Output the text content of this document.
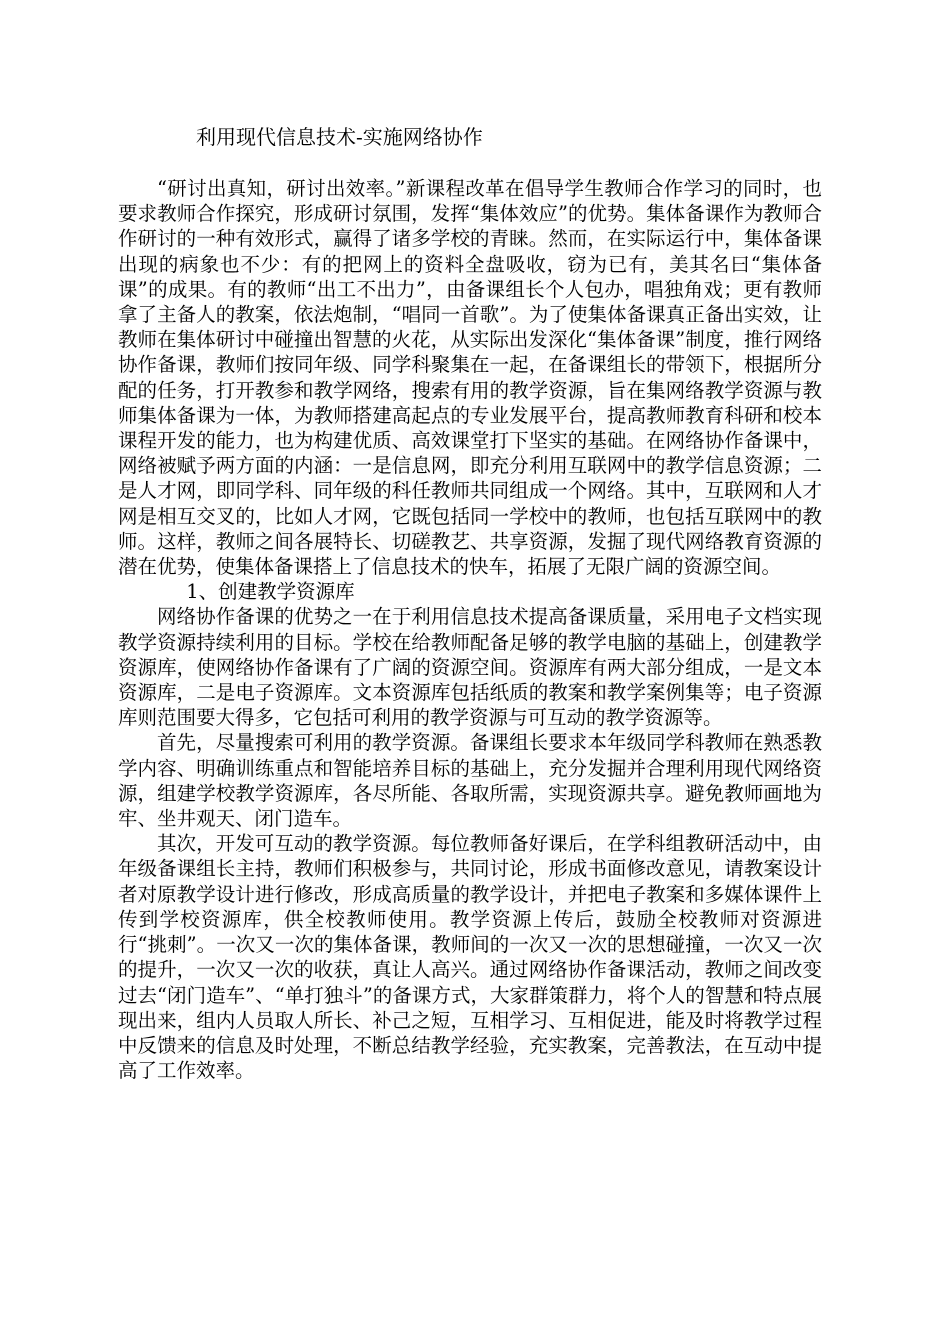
利用现代信息技术-实施网络协作

“研讨出真知，研讨出效率。”新课程改革在倡导学生教师合作学习的同时，也要求教师合作探究，形成研讨氛围，发挥“集体效应”的优势。集体备课作为教师合作研讨的一种有效形式，赢得了诸多学校的青睐。然而，在实际运行中，集体备课出现的病象也不少：有的把网上的资料全盘吸收，窃为已有，美其名曰“集体备课”的成果。有的教师“出工不出力”，由备课组长个人包办，唱独角戏；更有教师拿了主备人的教案，依法炮制，“唱同一首歌”。为了使集体备课真正备出实效，让教师在集体研讨中碰撞出智慧的火花，从实际出发深化“集体备课”制度，推行网络协作备课，教师们按同年级、同学科聚集在一起，在备课组长的带领下，根据所分配的任务，打开教参和教学网络，搜索有用的教学资源，旨在集网络教学资源与教师集体备课为一体，为教师搭建高起点的专业发展平台，提高教师教育科研和校本课程开发的能力，也为构建优质、高效课堂打下坚实的基础。在网络协作备课中，网络被赋予两方面的内涵：一是信息网，即充分利用互联网中的教学信息资源；二是人才网，即同学科、同年级的科任教师共同组成一个网络。其中，互联网和人才网是相互交叉的，比如人才网，它既包括同一学校中的教师，也包括互联网中的教师。这样，教师之间各展特长、切磋教艺、共享资源，发掘了现代网络教育资源的潜在优势，使集体备课搭上了信息技术的快车，拓展了无限广阔的资源空间。

1、创建教学资源库

网络协作备课的优势之一在于利用信息技术提高备课质量，采用电子文档实现教学资源持续利用的目标。学校在给教师配备足够的教学电脑的基础上，创建教学资源库，使网络协作备课有了广阔的资源空间。资源库有两大部分组成，一是文本资源库，二是电子资源库。文本资源库包括纸质的教案和教学案例集等；电子资源库则范围要大得多，它包括可利用的教学资源与可互动的教学资源等。

首先，尽量搜索可利用的教学资源。备课组长要求本年级同学科教师在熟悉教学内容、明确训练重点和智能培养目标的基础上，充分发掘并合理利用现代网络资源，组建学校教学资源库，各尽所能、各取所需，实现资源共享。避免教师画地为牢、坐井观天、闭门造车。

其次，开发可互动的教学资源。每位教师备好课后，在学科组教研活动中，由年级备课组长主持，教师们积极参与，共同讨论，形成书面修改意见，请教案设计者对原教学设计进行修改，形成高质量的教学设计，并把电子教案和多媒体课件上传到学校资源库，供全校教师使用。教学资源上传后，鼓励全校教师对资源进行“挑刺”。一次又一次的集体备课，教师间的一次又一次的思想碰撞，一次又一次的提升，一次又一次的收获，真让人高兴。通过网络协作备课活动，教师之间改变过去“闭门造车”、“单打独斗”的备课方式，大家群策群力，将个人的智慧和特点展现出来，组内人员取人所长、补己之短，互相学习、互相促进，能及时将教学过程中反馈来的信息及时处理，不断总结教学经验，充实教案，完善教法，在互动中提高了工作效率。
